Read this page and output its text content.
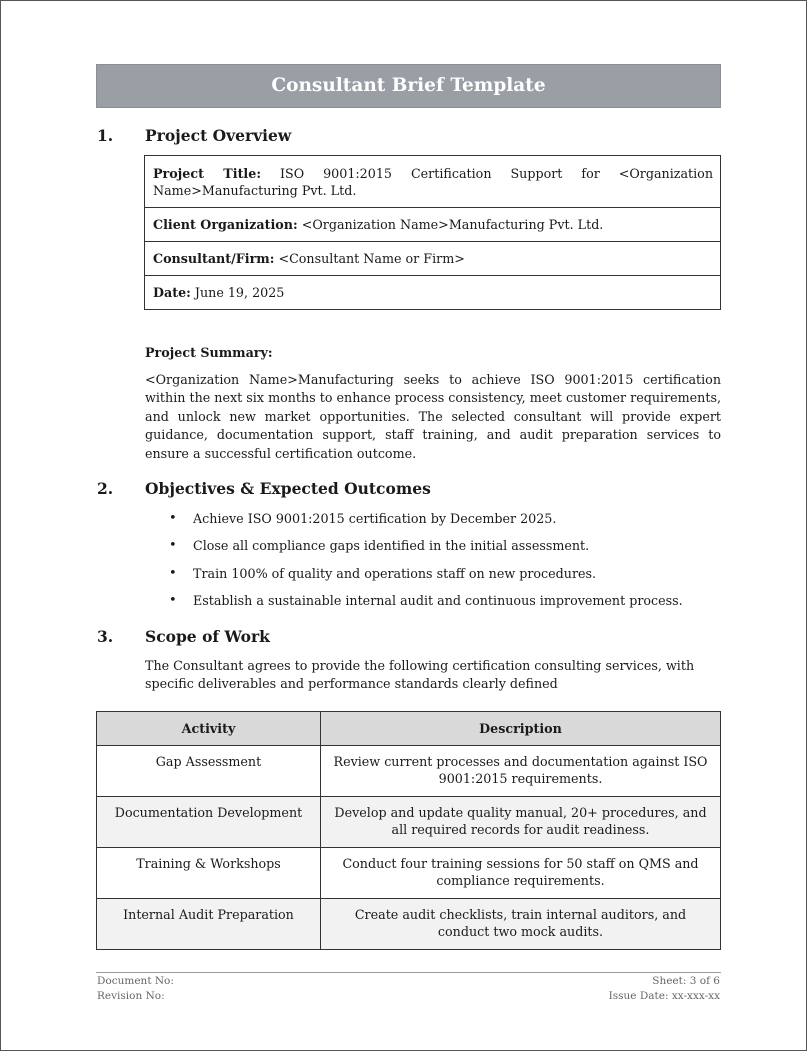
Consultant Brief Template
1. Project Overview
Project Title: ISO 9001:2015 Certification Support for <Organization Name>Manufacturing Pvt. Ltd.
Client Organization: <Organization Name>Manufacturing Pvt. Ltd.
Consultant/Firm: <Consultant Name or Firm>
Date: June 19, 2025
Project Summary:
<Organization Name>Manufacturing seeks to achieve ISO 9001:2015 certification within the next six months to enhance process consistency, meet customer requirements, and unlock new market opportunities. The selected consultant will provide expert guidance, documentation support, staff training, and audit preparation services to ensure a successful certification outcome.
2. Objectives & Expected Outcomes
• Achieve ISO 9001:2015 certification by December 2025.
• Close all compliance gaps identified in the initial assessment.
• Train 100% of quality and operations staff on new procedures.
• Establish a sustainable internal audit and continuous improvement process.
3. Scope of Work
The Consultant agrees to provide the following certification consulting services, with specific deliverables and performance standards clearly defined
Activity	Description
Gap Assessment	Review current processes and documentation against ISO 9001:2015 requirements.
Documentation Development	Develop and update quality manual, 20+ procedures, and all required records for audit readiness.
Training & Workshops	Conduct four training sessions for 50 staff on QMS and compliance requirements.
Internal Audit Preparation	Create audit checklists, train internal auditors, and conduct two mock audits.
Document No:
Revision No:
Sheet: 3 of 6
Issue Date: xx-xxx-xx
